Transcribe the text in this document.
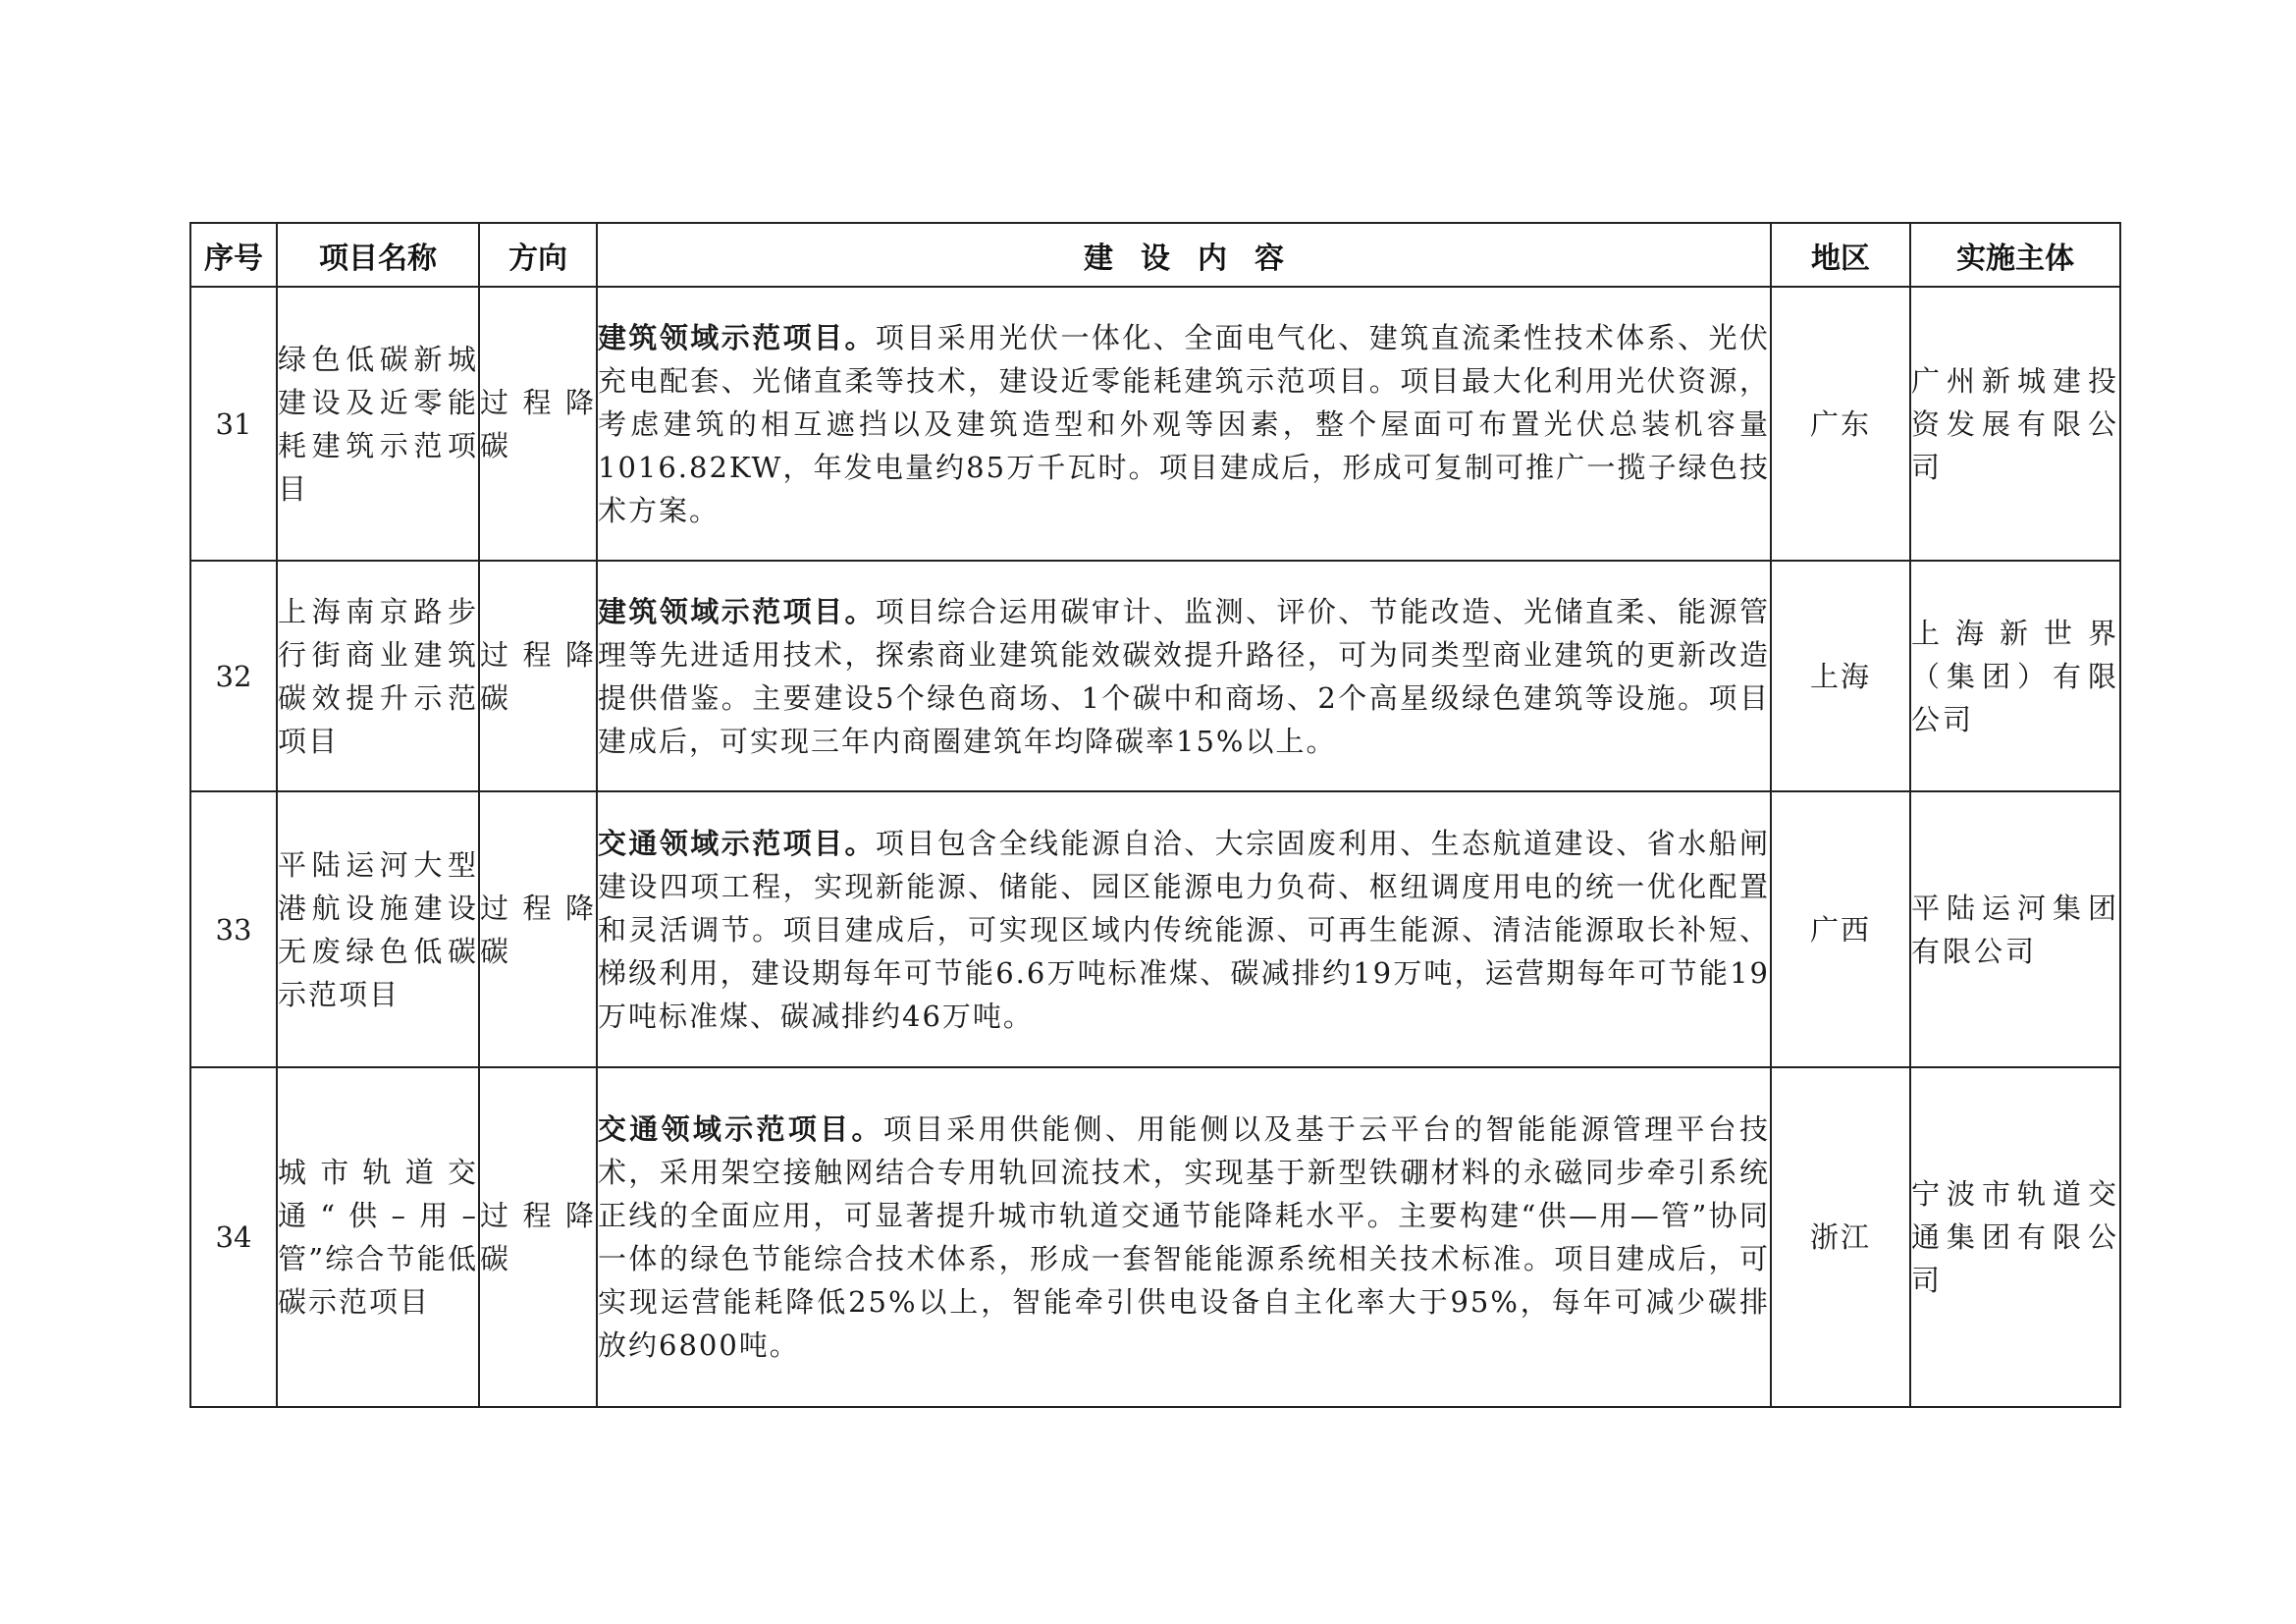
序号	项目名称	方向	建设内容	地区	实施主体
31	绿色低碳新城建设及近零能耗建筑示范项目	过程降碳	建筑领域示范项目。项目采用光伏一体化、全面电气化、建筑直流柔性技术体系、光伏充电配套、光储直柔等技术，建设近零能耗建筑示范项目。项目最大化利用光伏资源，考虑建筑的相互遮挡以及建筑造型和外观等因素，整个屋面可布置光伏总装机容量1016.82KW，年发电量约85万千瓦时。项目建成后，形成可复制可推广一揽子绿色技术方案。	广东	广州新城建投资发展有限公司
32	上海南京路步行街商业建筑碳效提升示范项目	过程降碳	建筑领域示范项目。项目综合运用碳审计、监测、评价、节能改造、光储直柔、能源管理等先进适用技术，探索商业建筑能效碳效提升路径，可为同类型商业建筑的更新改造提供借鉴。主要建设5个绿色商场、1个碳中和商场、2个高星级绿色建筑等设施。项目建成后，可实现三年内商圈建筑年均降碳率15%以上。	上海	上海新世界（集团）有限公司
33	平陆运河大型港航设施建设无废绿色低碳示范项目	过程降碳	交通领域示范项目。项目包含全线能源自洽、大宗固废利用、生态航道建设、省水船闸建设四项工程，实现新能源、储能、园区能源电力负荷、枢纽调度用电的统一优化配置和灵活调节。项目建成后，可实现区域内传统能源、可再生能源、清洁能源取长补短、梯级利用，建设期每年可节能6.6万吨标准煤、碳减排约19万吨，运营期每年可节能19万吨标准煤、碳减排约46万吨。	广西	平陆运河集团有限公司
34	城市轨道交通“供–用–管”综合节能低碳示范项目	过程降碳	交通领域示范项目。项目采用供能侧、用能侧以及基于云平台的智能能源管理平台技术，采用架空接触网结合专用轨回流技术，实现基于新型铁硼材料的永磁同步牵引系统正线的全面应用，可显著提升城市轨道交通节能降耗水平。主要构建“供—用—管”协同一体的绿色节能综合技术体系，形成一套智能能源系统相关技术标准。项目建成后，可实现运营能耗降低25%以上，智能牵引供电设备自主化率大于95%，每年可减少碳排放约6800吨。	浙江	宁波市轨道交通集团有限公司
